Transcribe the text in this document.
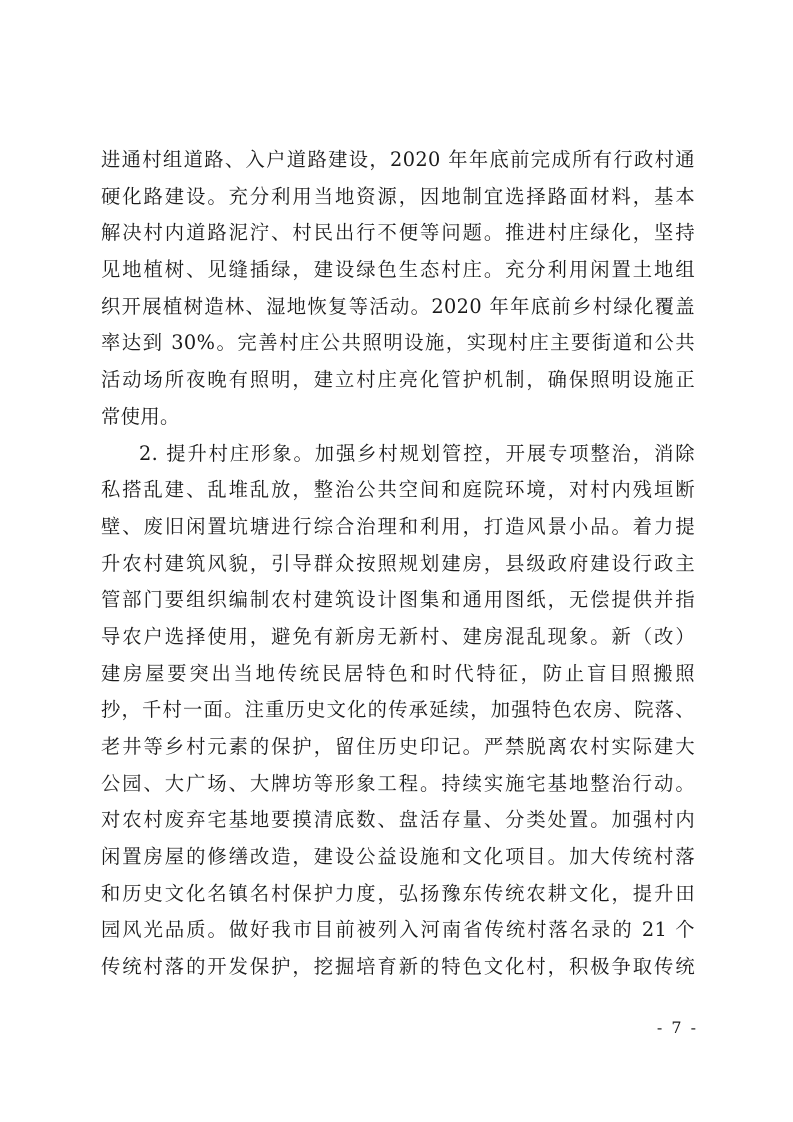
进通村组道路、入户道路建设，2020 年年底前完成所有行政村通
硬化路建设。充分利用当地资源，因地制宜选择路面材料，基本
解决村内道路泥泞、村民出行不便等问题。推进村庄绿化，坚持
见地植树、见缝插绿，建设绿色生态村庄。充分利用闲置土地组
织开展植树造林、湿地恢复等活动。2020 年年底前乡村绿化覆盖
率达到 30%。完善村庄公共照明设施，实现村庄主要街道和公共
活动场所夜晚有照明，建立村庄亮化管护机制，确保照明设施正
常使用。
2. 提升村庄形象。加强乡村规划管控，开展专项整治，消除
私搭乱建、乱堆乱放，整治公共空间和庭院环境，对村内残垣断
壁、废旧闲置坑塘进行综合治理和利用，打造风景小品。着力提
升农村建筑风貌，引导群众按照规划建房，县级政府建设行政主
管部门要组织编制农村建筑设计图集和通用图纸，无偿提供并指
导农户选择使用，避免有新房无新村、建房混乱现象。新（改）
建房屋要突出当地传统民居特色和时代特征，防止盲目照搬照
抄，千村一面。注重历史文化的传承延续，加强特色农房、院落、
老井等乡村元素的保护，留住历史印记。严禁脱离农村实际建大
公园、大广场、大牌坊等形象工程。持续实施宅基地整治行动。
对农村废弃宅基地要摸清底数、盘活存量、分类处置。加强村内
闲置房屋的修缮改造，建设公益设施和文化项目。加大传统村落
和历史文化名镇名村保护力度，弘扬豫东传统农耕文化，提升田
园风光品质。做好我市目前被列入河南省传统村落名录的 21 个
传统村落的开发保护，挖掘培育新的特色文化村，积极争取传统
- 7 -
